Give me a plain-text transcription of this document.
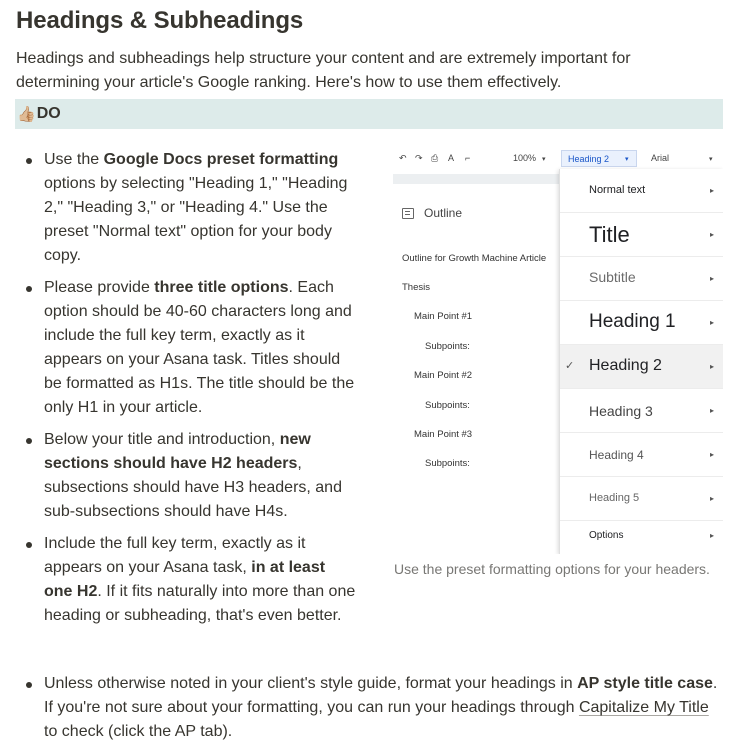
Headings & Subheadings

Headings and subheadings help structure your content and are extremely important for determining your article's Google ranking. Here's how to use them effectively.

👍🏼 DO
Use the Google Docs preset formatting options by selecting "Heading 1," "Heading 2," "Heading 3," or "Heading 4." Use the preset "Normal text" option for your body copy.
Please provide three title options. Each option should be 40-60 characters long and include the full key term, exactly as it appears on your Asana task. Titles should be formatted as H1s. The title should be the only H1 in your article.
Below your title and introduction, new sections should have H2 headers, subsections should have H3 headers, and sub-subsections should have H4s.
Include the full key term, exactly as it appears on your Asana task, in at least one H2. If it fits naturally into more than one heading or subheading, that's even better.
↶ ↷ ⎙ A ⌐	100% ▾	Heading 2	▾ Arial	▾
Outline
Outline for Growth Machine Article
Thesis
Main Point #1
Subpoints:
Main Point #2
Subpoints:
Main Point #3
Subpoints:
Normal text	▸
Title	▸
Subtitle	▸
Heading 1	▸
✓ Heading 2	▸
Heading 3	▸
Heading 4	▸
Heading 5	▸
Options	▸

Use the preset formatting options for your headers.

Unless otherwise noted in your client's style guide, format your headings in AP style title case. If you're not sure about your formatting, you can run your headings through Capitalize My Title to check (click the AP tab).
